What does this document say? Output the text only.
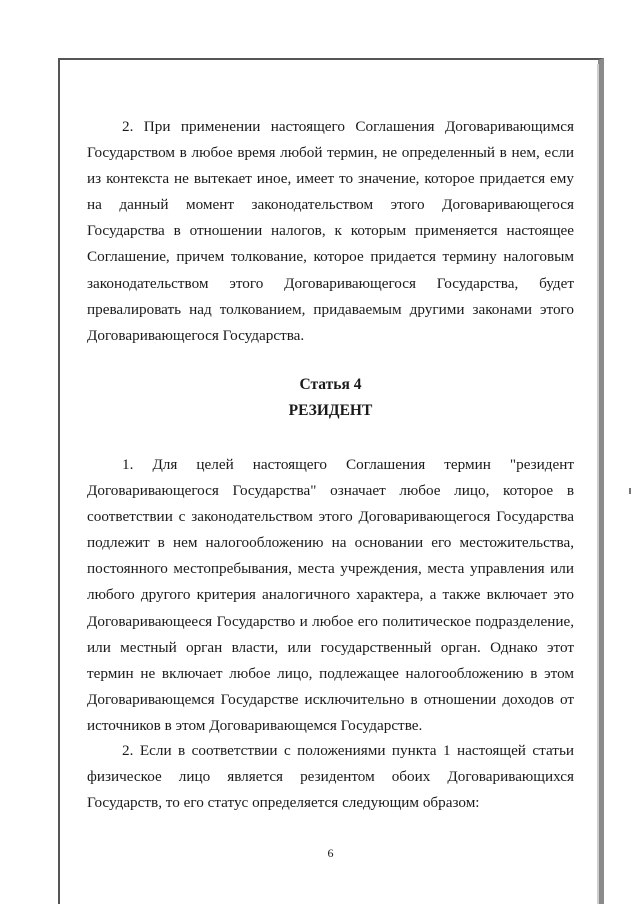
2. При применении настоящего Соглашения Договаривающимся Государством в любое время любой термин, не определенный в нем, если из контекста не вытекает иное, имеет то значение, которое придается ему на данный момент законодательством этого Договаривающегося Государства в отношении налогов, к которым применяется настоящее Соглашение, причем толкование, которое придается термину налоговым законодательством этого Договаривающегося Государства, будет превалировать над толкованием, придаваемым другими законами этого Договаривающегося Государства.

Статья 4
РЕЗИДЕНТ

1. Для целей настоящего Соглашения термин "резидент Договаривающегося Государства" означает любое лицо, которое в соответствии с законодательством этого Договаривающегося Государства подлежит в нем налогообложению на основании его местожительства, постоянного местопребывания, места учреждения, места управления или любого другого критерия аналогичного характера, а также включает это Договаривающееся Государство и любое его политическое подразделение, или местный орган власти, или государственный орган. Однако этот термин не включает любое лицо, подлежащее налогообложению в этом Договаривающемся Государстве исключительно в отношении доходов от источников в этом Договаривающемся Государстве.

2. Если в соответствии с положениями пункта 1 настоящей статьи физическое лицо является резидентом обоих Договаривающихся Государств, то его статус определяется следующим образом:

6
